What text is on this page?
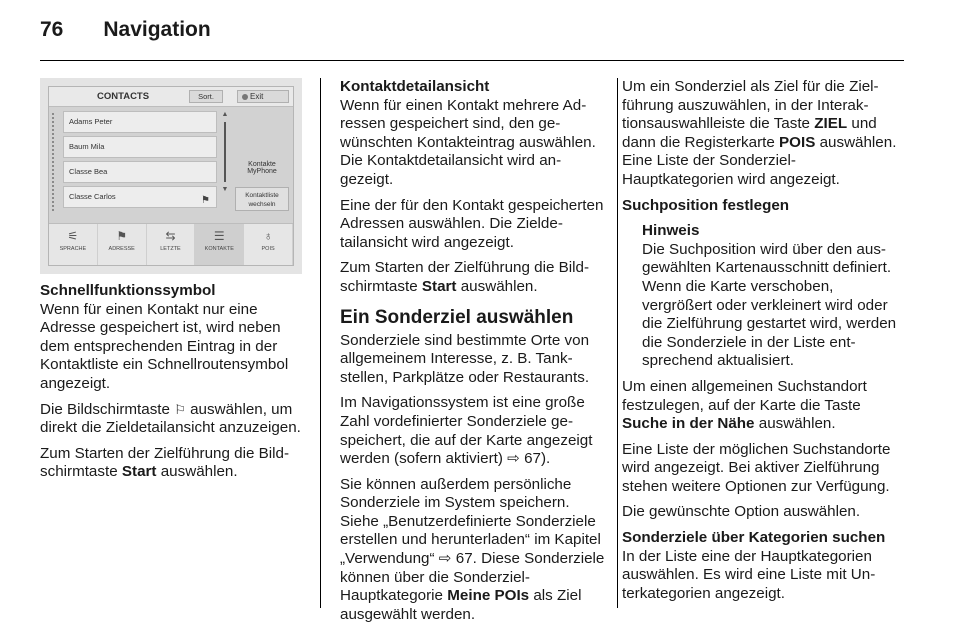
76 Navigation
CONTACTS	Sort.	Exit
Adams Peter
Baum Mila
Classe Bea
Classe Carlos	⚑
▲
▼
Kontakte MyPhone
Kontaktliste wechseln
⚟
SPRACHE
⚑
ADRESSE
⇆
LETZTE
☰
KONTAKTE
♁
POIS

Schnellfunktionssymbol

Wenn für einen Kontakt nur eine Adresse gespeichert ist, wird neben dem entsprechenden Eintrag in der Kontaktliste ein Schnellroutensymbol angezeigt.

Die Bildschirmtaste ⚐ auswählen, um direkt die Zieldetailansicht anzuzeigen.

Zum Starten der Zielführung die Bildschirmtaste Start auswählen.

Kontaktdetailansicht

Wenn für einen Kontakt mehrere Adressen gespeichert sind, den gewünschten Kontakteintrag auswählen. Die Kontaktdetailansicht wird angezeigt.

Eine der für den Kontakt gespeicherten Adressen auswählen. Die Zieldetailansicht wird angezeigt.

Zum Starten der Zielführung die Bildschirmtaste Start auswählen.

Ein Sonderziel auswählen

Sonderziele sind bestimmte Orte von allgemeinem Interesse, z. B. Tankstellen, Parkplätze oder Restaurants.

Im Navigationssystem ist eine große Zahl vordefinierter Sonderziele gespeichert, die auf der Karte angezeigt werden (sofern aktiviert) ⇨ 67).

Sie können außerdem persönliche Sonderziele im System speichern. Siehe „Benutzerdefinierte Sonderziele erstellen und herunterladen“ im Kapitel „Verwendung“ ⇨ 67. Diese Sonderziele können über die Sonderziel-Hauptkategorie Meine POIs als Ziel ausgewählt werden.

Um ein Sonderziel als Ziel für die Zielführung auszuwählen, in der Interaktionsauswahlleiste die Taste ZIEL und dann die Registerkarte POIS auswählen. Eine Liste der Sonderziel-Hauptkategorien wird angezeigt.

Suchposition festlegen

Hinweis

Die Suchposition wird über den ausgewählten Kartenausschnitt definiert. Wenn die Karte verschoben, vergrößert oder verkleinert wird oder die Zielführung gestartet wird, werden die Sonderziele in der Liste entsprechend aktualisiert.

Um einen allgemeinen Suchstandort festzulegen, auf der Karte die Taste Suche in der Nähe auswählen.

Eine Liste der möglichen Suchstandorte wird angezeigt. Bei aktiver Zielführung stehen weitere Optionen zur Verfügung.

Die gewünschte Option auswählen.

Sonderziele über Kategorien suchen

In der Liste eine der Hauptkategorien auswählen. Es wird eine Liste mit Unterkategorien angezeigt.
